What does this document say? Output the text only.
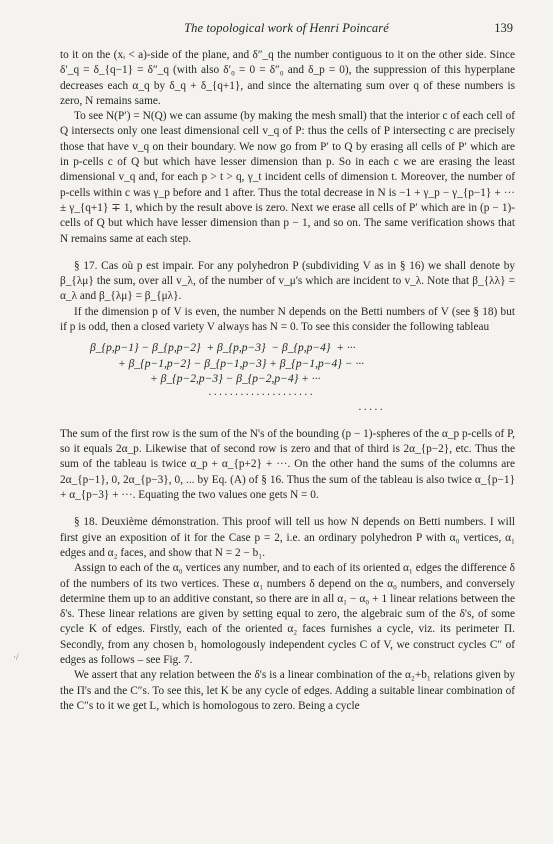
The topological work of Henri Poincaré	139

to it on the (xᵢ < a)-side of the plane, and δ″_q the number contiguous to it on the other side. Since δ′_q = δ_{q−1} = δ″_q (with also δ′₀ = 0 = δ″₀ and δ_p = 0), the suppression of this hyperplane decreases each α_q by δ_q + δ_{q+1}, and since the alternating sum over q of these numbers is zero, N remains same.

To see N(P′) = N(Q) we can assume (by making the mesh small) that the interior c of each cell of Q intersects only one least dimensional cell v_q of P: thus the cells of P intersecting c are precisely those that have v_q on their boundary. We now go from P′ to Q by erasing all cells of P′ which are in p-cells c of Q but which have lesser dimension than p. So in each c we are erasing the least dimensional v_q and, for each p > t > q, γ_t incident cells of dimension t. Moreover, the number of p-cells within c was γ_p before and 1 after. Thus the total decrease in N is −1 + γ_p − γ_{p−1} + ··· ± γ_{q+1} ∓ 1, which by the result above is zero. Next we erase all cells of P′ which are in (p − 1)-cells of Q but which have lesser dimension than p − 1, and so on. The same verification shows that N remains same at each step.

§ 17. Cas où p est impair. For any polyhedron P (subdividing V as in § 16) we shall denote by β_{λμ} the sum, over all v_λ, of the number of v_μ's which are incident to v_λ. Note that β_{λλ} = α_λ and β_{λμ} = β_{μλ}.

If the dimension p of V is even, the number N depends on the Betti numbers of V (see § 18) but if p is odd, then a closed variety V always has N = 0. To see this consider the following tableau

β_{p,p−1} − β_{p,p−2}  + β_{p,p−3}  − β_{p,p−4}  + ···
+ β_{p−1,p−2} − β_{p−1,p−3} + β_{p−1,p−4} − ···
+ β_{p−2,p−3} − β_{p−2,p−4} + ···
····················
·····

The sum of the first row is the sum of the N's of the bounding (p − 1)-spheres of the α_p p-cells of P, so it equals 2α_p. Likewise that of second row is zero and that of third is 2α_{p−2}, etc. Thus the sum of the tableau is twice α_p + α_{p+2} + ···. On the other hand the sums of the columns are 2α_{p−1}, 0, 2α_{p−3}, 0, ... by Eq. (A) of § 16. Thus the sum of the tableau is also twice α_{p−1} + α_{p−3} + ···. Equating the two values one gets N = 0.

§ 18. Deuxième démonstration. This proof will tell us how N depends on Betti numbers. I will first give an exposition of it for the Case p = 2, i.e. an ordinary polyhedron P with α₀ vertices, α₁ edges and α₂ faces, and show that N = 2 − b₁.

Assign to each of the α₀ vertices any number, and to each of its oriented α₁ edges the difference δ of the numbers of its two vertices. These α₁ numbers δ depend on the α₀ numbers, and conversely determine them up to an additive constant, so there are in all α₁ − α₀ + 1 linear relations between the δ's. These linear relations are given by setting equal to zero, the algebraic sum of the δ's, of some cycle K of edges. Firstly, each of the oriented α₂ faces furnishes a cycle, viz. its perimeter Π. Secondly, from any chosen b₁ homologously independent cycles C of V, we construct cycles C″ of edges as follows – see Fig. 7.

We assert that any relation between the δ's is a linear combination of the α₂+b₁ relations given by the Π's and the C″s. To see this, let K be any cycle of edges. Adding a suitable linear combination of the C″s to it we get L, which is homologous to zero. Being a cycle

·/
